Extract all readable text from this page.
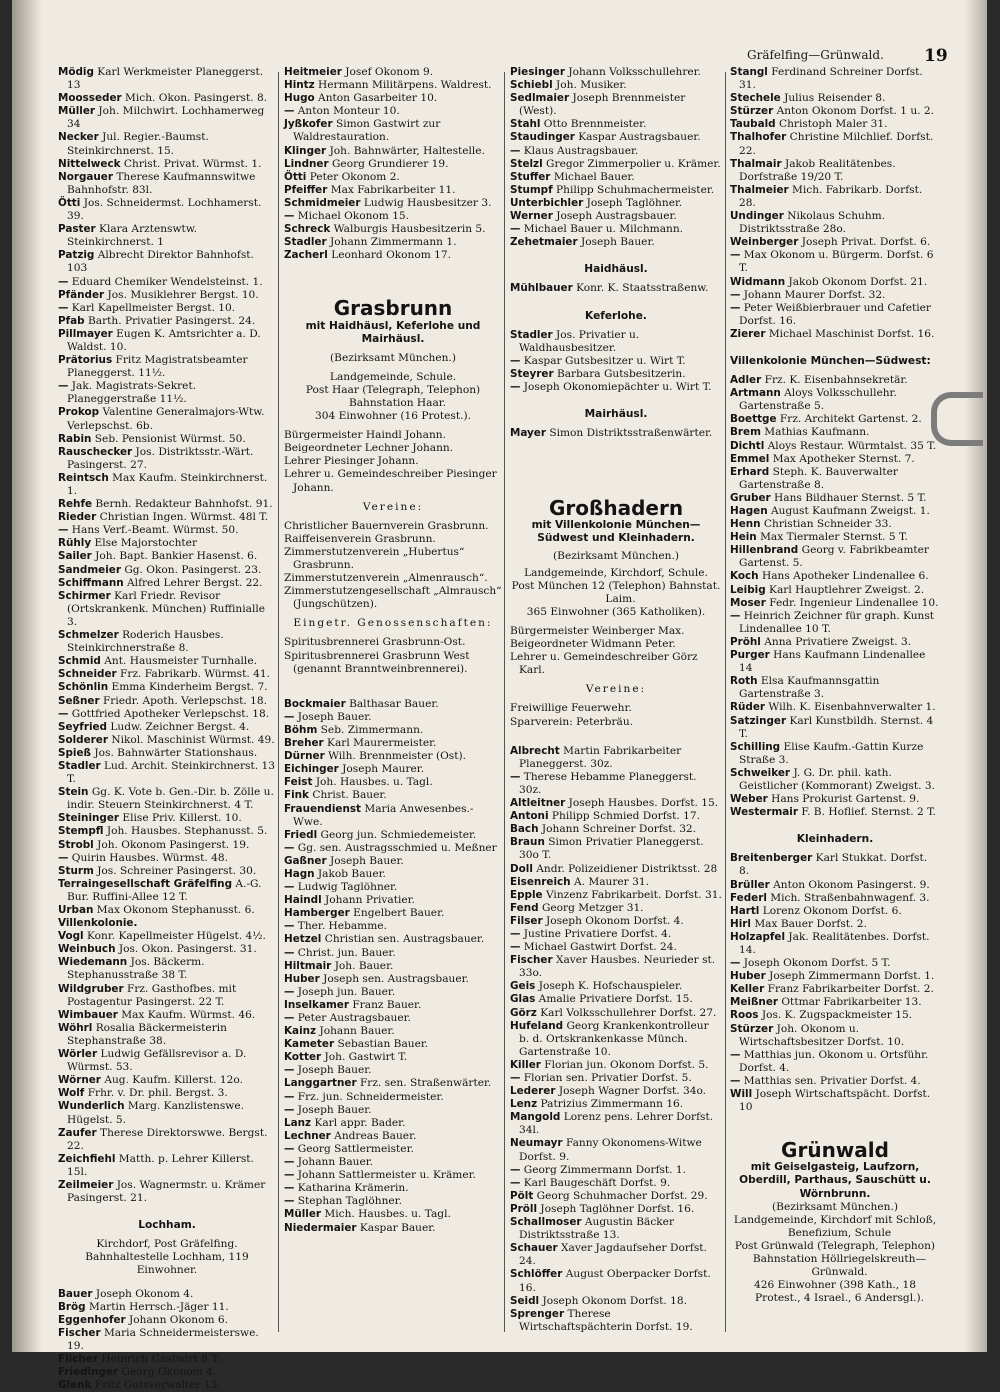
Gräfelfing—Grünwald. 19
Mödig Karl Werkmeister Planeggerst. 13
Moosseder Mich. Okon. Pasingerst. 8.
Müller Joh. Milchwirt. Lochhamerweg 34
Necker Jul. Regier.-Baumst. Steinkirchnerst. 15.
Nittelweck Christ. Privat. Würmst. 1.
Norgauer Therese Kaufmannswitwe Bahnhofstr. 83l.
Ötti Jos. Schneidermst. Lochhamerst. 39.
Paster Klara Arztenswtw. Steinkirchnerst. 1
Patzig Albrecht Direktor Bahnhofst. 103
— Eduard Chemiker Wendelsteinst. 1.
Pfänder Jos. Musiklehrer Bergst. 10.
— Karl Kapellmeister Bergst. 10.
Pfab Barth. Privatier Pasingerst. 24.
Pillmayer Eugen K. Amtsrichter a. D. Waldst. 10.
Prätorius Fritz Magistratsbeamter Planeggerst. 11½.
— Jak. Magistrats-Sekret. Planeggerstraße 11½.
Prokop Valentine Generalmajors-Wtw. Verlepschst. 6b.
Rabin Seb. Pensionist Würmst. 50.
Rauschecker Jos. Distriktsstr.-Wärt. Pasingerst. 27.
Reintsch Max Kaufm. Steinkirchnerst. 1.
Rehfe Bernh. Redakteur Bahnhofst. 91.
Rieder Christian Ingen. Würmst. 48l T.
— Hans Verf.-Beamt. Würmst. 50.
Rühly Else Majorstochter
Sailer Joh. Bapt. Bankier Hasenst. 6.
Sandmeier Gg. Okon. Pasingerst. 23.
Schiffmann Alfred Lehrer Bergst. 22.
Schirmer Karl Friedr. Revisor (Ortskrankenk. München) Ruffinialle 3.
Schmelzer Roderich Hausbes. Steinkirchnerstraße 8.
Schmid Ant. Hausmeister Turnhalle.
Schneider Frz. Fabrikarb. Würmst. 41.
Schönlin Emma Kinderheim Bergst. 7.
Seßner Friedr. Apoth. Verlepschst. 18.
— Gottfried Apotheker Verlepschst. 18.
Seyfried Ludw. Zeichner Bergst. 4.
Solderer Nikol. Maschinist Würmst. 49.
Spieß Jos. Bahnwärter Stationshaus.
Stadler Lud. Archit. Steinkirchnerst. 13 T.
Stein Gg. K. Vote b. Gen.-Dir. b. Zölle u. indir. Steuern Steinkirchnerst. 4 T.
Steininger Elise Priv. Killerst. 10.
Stempfl Joh. Hausbes. Stephanusst. 5.
Strobl Joh. Okonom Pasingerst. 19.
— Quirin Hausbes. Würmst. 48.
Sturm Jos. Schreiner Pasingerst. 30.
Terraingesellschaft Gräfelfing A.-G. Bur. Ruffini-Allee 12 T.
Urban Max Okonom Stephanusst. 6.
Villenkolonie.
Vogl Konr. Kapellmeister Hügelst. 4½.
Weinbuch Jos. Okon. Pasingerst. 31.
Wiedemann Jos. Bäckerm. Stephanusstraße 38 T.
Wildgruber Frz. Gasthofbes. mit Postagentur Pasingerst. 22 T.
Wimbauer Max Kaufm. Würmst. 46.
Wöhrl Rosalia Bäckermeisterin Stephanstraße 38.
Wörler Ludwig Gefällsrevisor a. D. Würmst. 53.
Wörner Aug. Kaufm. Killerst. 12o.
Wolf Frhr. v. Dr. phil. Bergst. 3.
Wunderlich Marg. Kanzlistenswe. Hügelst. 5.
Zaufer Therese Direktorswwe. Bergst. 22.
Zeichfiehl Matth. p. Lehrer Killerst. 15l.
Zeilmeier Jos. Wagnermstr. u. Krämer Pasingerst. 21.
Lochham.
Kirchdorf, Post Gräfelfing. Bahnhaltestelle Lochham, 119 Einwohner.
Bauer Joseph Okonom 4.
Brög Martin Herrsch.-Jäger 11.
Eggenhofer Johann Okonom 6.
Fischer Maria Schneidermeisterswe. 19.
Flicher Heinrich Gastwirt 8 T.
Friedinger Georg Okonom 4.
Glenk Fritz Gutsverwalter 13.
Heitmeier Josef Okonom 9.
Hintz Hermann Militärpens. Waldrest.
Hugo Anton Gasarbeiter 10.
— Anton Monteur 10.
Jyßkofer Simon Gastwirt zur Waldrestauration.
Klinger Joh. Bahnwärter, Haltestelle.
Lindner Georg Grundierer 19.
Ötti Peter Okonom 2.
Pfeiffer Max Fabrikarbeiter 11.
Schmidmeier Ludwig Hausbesitzer 3.
— Michael Okonom 15.
Schreck Walburgis Hausbesitzerin 5.
Stadler Johann Zimmermann 1.
Zacherl Leonhard Okonom 17.
Grasbrunn
mit Haidhäusl, Keferlohe und Mairhäusl.
(Bezirksamt München.)
Landgemeinde, Schule.
Post Haar (Telegraph, Telephon) Bahnstation Haar.
304 Einwohner (16 Protest.).
Bürgermeister Haindl Johann.
Beigeordneter Lechner Johann.
Lehrer Piesinger Johann.
Lehrer u. Gemeindeschreiber Piesinger Johann.
Vereine:
Christlicher Bauernverein Grasbrunn.
Raiffeisenverein Grasbrunn.
Zimmerstutzenverein „Hubertus“ Grasbrunn.
Zimmerstutzenverein „Almenrausch“.
Zimmerstutzengesellschaft „Almrausch“ (Jungschützen).
Eingetr. Genossenschaften:
Spiritusbrennerei Grasbrunn-Ost.
Spiritusbrennerei Grasbrunn West (genannt Branntweinbrennerei).
Bockmaier Balthasar Bauer.
— Joseph Bauer.
Böhm Seb. Zimmermann.
Breher Karl Maurermeister.
Dürner Wilh. Brennmeister (Ost).
Eichinger Joseph Maurer.
Feist Joh. Hausbes. u. Tagl.
Fink Christ. Bauer.
Frauendienst Maria Anwesenbes.-Wwe.
Friedl Georg jun. Schmiedemeister.
— Gg. sen. Austragsschmied u. Meßner
Gaßner Joseph Bauer.
Hagn Jakob Bauer.
— Ludwig Taglöhner.
Haindl Johann Privatier.
Hamberger Engelbert Bauer.
— Ther. Hebamme.
Hetzel Christian sen. Austragsbauer.
— Christ. jun. Bauer.
Hiltmair Joh. Bauer.
Huber Joseph sen. Austragsbauer.
— Joseph jun. Bauer.
Inselkamer Franz Bauer.
— Peter Austragsbauer.
Kainz Johann Bauer.
Kameter Sebastian Bauer.
Kotter Joh. Gastwirt T.
— Joseph Bauer.
Langgartner Frz. sen. Straßenwärter.
— Frz. jun. Schneidermeister.
— Joseph Bauer.
Lanz Karl appr. Bader.
Lechner Andreas Bauer.
— Georg Sattlermeister.
— Johann Bauer.
— Johann Sattlermeister u. Krämer.
— Katharina Krämerin.
— Stephan Taglöhner.
Müller Mich. Hausbes. u. Tagl.
Niedermaier Kaspar Bauer.
Piesinger Johann Volksschullehrer.
Schiebl Joh. Musiker.
Sedlmaier Joseph Brennmeister (West).
Stahl Otto Brennmeister.
Staudinger Kaspar Austragsbauer.
— Klaus Austragsbauer.
Stelzl Gregor Zimmerpolier u. Krämer.
Stuffer Michael Bauer.
Stumpf Philipp Schuhmachermeister.
Unterbichler Joseph Taglöhner.
Werner Joseph Austragsbauer.
— Michael Bauer u. Milchmann.
Zehetmaier Joseph Bauer.
Haidhäusl.
Mühlbauer Konr. K. Staatsstraßenw.
Keferlohe.
Stadler Jos. Privatier u. Waldhausbesitzer.
— Kaspar Gutsbesitzer u. Wirt T.
Steyrer Barbara Gutsbesitzerin.
— Joseph Okonomiepächter u. Wirt T.
Mairhäusl.
Mayer Simon Distriktsstraßenwärter.
Großhadern
mit Villenkolonie München—Südwest und Kleinhadern.
(Bezirksamt München.)
Landgemeinde, Kirchdorf, Schule.
Post München 12 (Telephon) Bahnstat. Laim.
365 Einwohner (365 Katholiken).
Bürgermeister Weinberger Max.
Beigeordneter Widmann Peter.
Lehrer u. Gemeindeschreiber Görz Karl.
Vereine:
Freiwillige Feuerwehr.
Sparverein: Peterbräu.
Albrecht Martin Fabrikarbeiter Planeggerst. 30z.
— Therese Hebamme Planeggerst. 30z.
Altleitner Joseph Hausbes. Dorfst. 15.
Antoni Philipp Schmied Dorfst. 17.
Bach Johann Schreiner Dorfst. 32.
Braun Simon Privatier Planeggerst. 30o T.
Doll Andr. Polizeidiener Distriktsst. 28
Eisenreich A. Maurer 31.
Epple Vinzenz Fabrikarbeit. Dorfst. 31.
Fend Georg Metzger 31.
Filser Joseph Okonom Dorfst. 4.
— Justine Privatiere Dorfst. 4.
— Michael Gastwirt Dorfst. 24.
Fischer Xaver Hausbes. Neurieder st. 33o.
Geis Joseph K. Hofschauspieler.
Glas Amalie Privatiere Dorfst. 15.
Görz Karl Volksschullehrer Dorfst. 27.
Hufeland Georg Krankenkontrolleur b. d. Ortskrankenkasse Münch. Gartenstraße 10.
Killer Florian jun. Okonom Dorfst. 5.
— Florian sen. Privatier Dorfst. 5.
Lederer Joseph Wagner Dorfst. 34o.
Lenz Patrizius Zimmermann 16.
Mangold Lorenz pens. Lehrer Dorfst. 34l.
Neumayr Fanny Okonomens-Witwe Dorfst. 9.
— Georg Zimmermann Dorfst. 1.
— Karl Baugeschäft Dorfst. 9.
Pölt Georg Schuhmacher Dorfst. 29.
Pröll Joseph Taglöhner Dorfst. 16.
Schallmoser Augustin Bäcker Distriktsstraße 13.
Schauer Xaver Jagdaufseher Dorfst. 24.
Schlöffer August Oberpacker Dorfst. 16.
Seidl Joseph Okonom Dorfst. 18.
Sprenger Therese Wirtschaftspächterin Dorfst. 19.
Stangl Ferdinand Schreiner Dorfst. 31.
Stechele Julius Reisender 8.
Stürzer Anton Okonom Dorfst. 1 u. 2.
Taubald Christoph Maler 31.
Thalhofer Christine Milchlief. Dorfst. 22.
Thalmair Jakob Realitätenbes. Dorfstraße 19/20 T.
Thalmeier Mich. Fabrikarb. Dorfst. 28.
Undinger Nikolaus Schuhm. Distriktsstraße 28o.
Weinberger Joseph Privat. Dorfst. 6.
— Max Okonom u. Bürgerm. Dorfst. 6 T.
Widmann Jakob Okonom Dorfst. 21.
— Johann Maurer Dorfst. 32.
— Peter Weißbierbrauer und Cafetier Dorfst. 16.
Zierer Michael Maschinist Dorfst. 16.
Villenkolonie München—Südwest:
Adler Frz. K. Eisenbahnsekretär.
Artmann Aloys Volksschullehr. Gartenstraße 5.
Boettge Frz. Architekt Gartenst. 2.
Brem Mathias Kaufmann.
Dichtl Aloys Restaur. Würmtalst. 35 T.
Emmel Max Apotheker Sternst. 7.
Erhard Steph. K. Bauverwalter Gartenstraße 8.
Gruber Hans Bildhauer Sternst. 5 T.
Hagen August Kaufmann Zweigst. 1.
Henn Christian Schneider 33.
Hein Max Tiermaler Sternst. 5 T.
Hillenbrand Georg v. Fabrikbeamter Gartenst. 5.
Koch Hans Apotheker Lindenallee 6.
Leibig Karl Hauptlehrer Zweigst. 2.
Moser Fedr. Ingenieur Lindenallee 10.
— Heinrich Zeichner für graph. Kunst Lindenallee 10 T.
Pröhl Anna Privatiere Zweigst. 3.
Purger Hans Kaufmann Lindenallee 14
Roth Elsa Kaufmannsgattin Gartenstraße 3.
Rüder Wilh. K. Eisenbahnverwalter 1.
Satzinger Karl Kunstbildh. Sternst. 4 T.
Schilling Elise Kaufm.-Gattin Kurze Straße 3.
Schweiker J. G. Dr. phil. kath. Geistlicher (Kommorant) Zweigst. 3.
Weber Hans Prokurist Gartenst. 9.
Westermair F. B. Hoflief. Sternst. 2 T.
Kleinhadern.
Breitenberger Karl Stukkat. Dorfst. 8.
Brüller Anton Okonom Pasingerst. 9.
Federl Mich. Straßenbahnwagenf. 3.
Hartl Lorenz Okonom Dorfst. 6.
Hirl Max Bauer Dorfst. 2.
Holzapfel Jak. Realitätenbes. Dorfst. 14.
— Joseph Okonom Dorfst. 5 T.
Huber Joseph Zimmermann Dorfst. 1.
Keller Franz Fabrikarbeiter Dorfst. 2.
Meißner Ottmar Fabrikarbeiter 13.
Roos Jos. K. Zugspackmeister 15.
Stürzer Joh. Okonom u. Wirtschaftsbesitzer Dorfst. 10.
— Matthias jun. Okonom u. Ortsführ. Dorfst. 4.
— Matthias sen. Privatier Dorfst. 4.
Will Joseph Wirtschaftspächt. Dorfst. 10
Grünwald
mit Geiselgasteig, Laufzorn, Oberdill, Parthaus, Sauschütt u. Wörnbrunn.
(Bezirksamt München.)
Landgemeinde, Kirchdorf mit Schloß, Benefizium, Schule
Post Grünwald (Telegraph, Telephon) Bahnstation Höllriegelskreuth—Grünwald.
426 Einwohner (398 Kath., 18 Protest., 4 Israel., 6 Andersgl.).
